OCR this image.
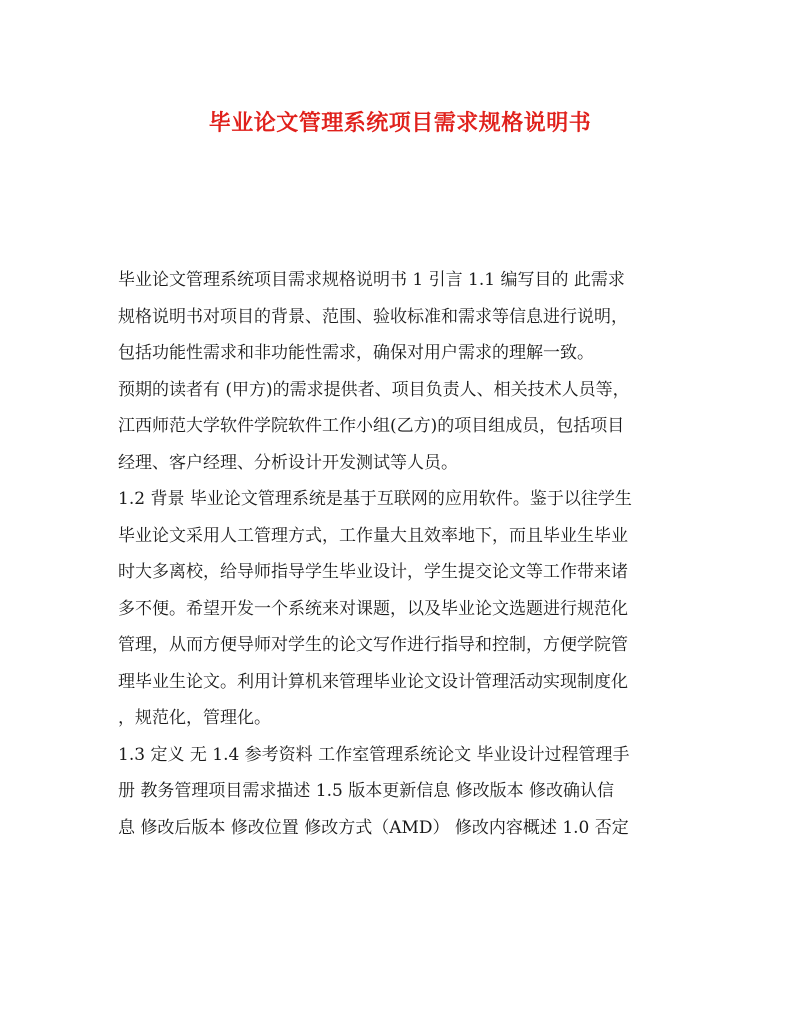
毕业论文管理系统项目需求规格说明书
毕业论文管理系统项目需求规格说明书 1 引言 1.1 编写目的 此需求
规格说明书对项目的背景、范围、验收标准和需求等信息进行说明，
包括功能性需求和非功能性需求，确保对用户需求的理解一致。
预期的读者有 (甲方)的需求提供者、项目负责人、相关技术人员等，
江西师范大学软件学院软件工作小组(乙方)的项目组成员，包括项目
经理、客户经理、分析设计开发测试等人员。
1.2 背景 毕业论文管理系统是基于互联网的应用软件。鉴于以往学生
毕业论文采用人工管理方式，工作量大且效率地下，而且毕业生毕业
时大多离校，给导师指导学生毕业设计，学生提交论文等工作带来诸
多不便。希望开发一个系统来对课题，以及毕业论文选题进行规范化
管理，从而方便导师对学生的论文写作进行指导和控制，方便学院管
理毕业生论文。利用计算机来管理毕业论文设计管理活动实现制度化
，规范化，管理化。
1.3 定义 无 1.4 参考资料 工作室管理系统论文 毕业设计过程管理手
册 教务管理项目需求描述 1.5 版本更新信息 修改版本 修改确认信
息 修改后版本 修改位置 修改方式（AMD） 修改内容概述 1.0 否定
